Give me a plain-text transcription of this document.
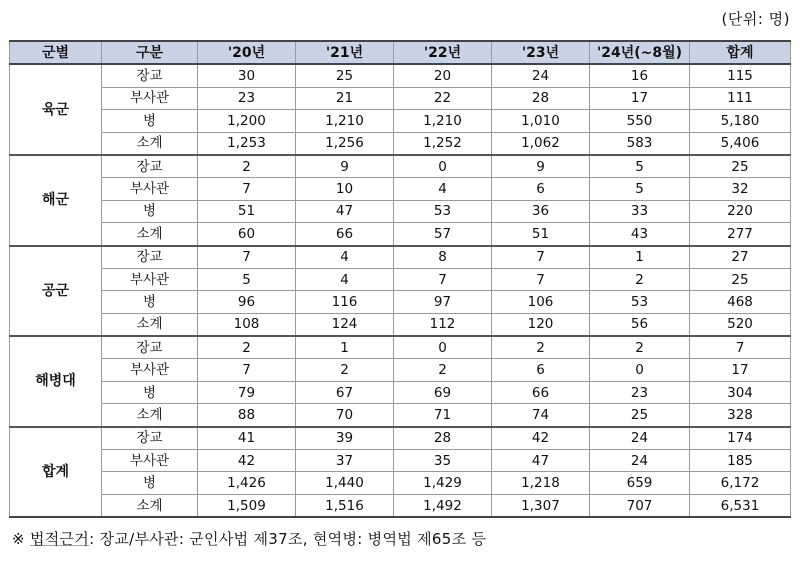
(단위: 명)
군별	구분	'20년	'21년	'22년	'23년	'24년(~8월)	합계
육군	장교	30	25	20	24	16	115
	부사관	23	21	22	28	17	111
	병	1,200	1,210	1,210	1,010	550	5,180
	소계	1,253	1,256	1,252	1,062	583	5,406
해군	장교	2	9	0	9	5	25
	부사관	7	10	4	6	5	32
	병	51	47	53	36	33	220
	소계	60	66	57	51	43	277
공군	장교	7	4	8	7	1	27
	부사관	5	4	7	7	2	25
	병	96	116	97	106	53	468
	소계	108	124	112	120	56	520
해병대	장교	2	1	0	2	2	7
	부사관	7	2	2	6	0	17
	병	79	67	69	66	23	304
	소계	88	70	71	74	25	328
합계	장교	41	39	28	42	24	174
	부사관	42	37	35	47	24	185
	병	1,426	1,440	1,429	1,218	659	6,172
	소계	1,509	1,516	1,492	1,307	707	6,531
※ 법적근거: 장교/부사관: 군인사법 제37조, 현역병: 병역법 제65조 등
